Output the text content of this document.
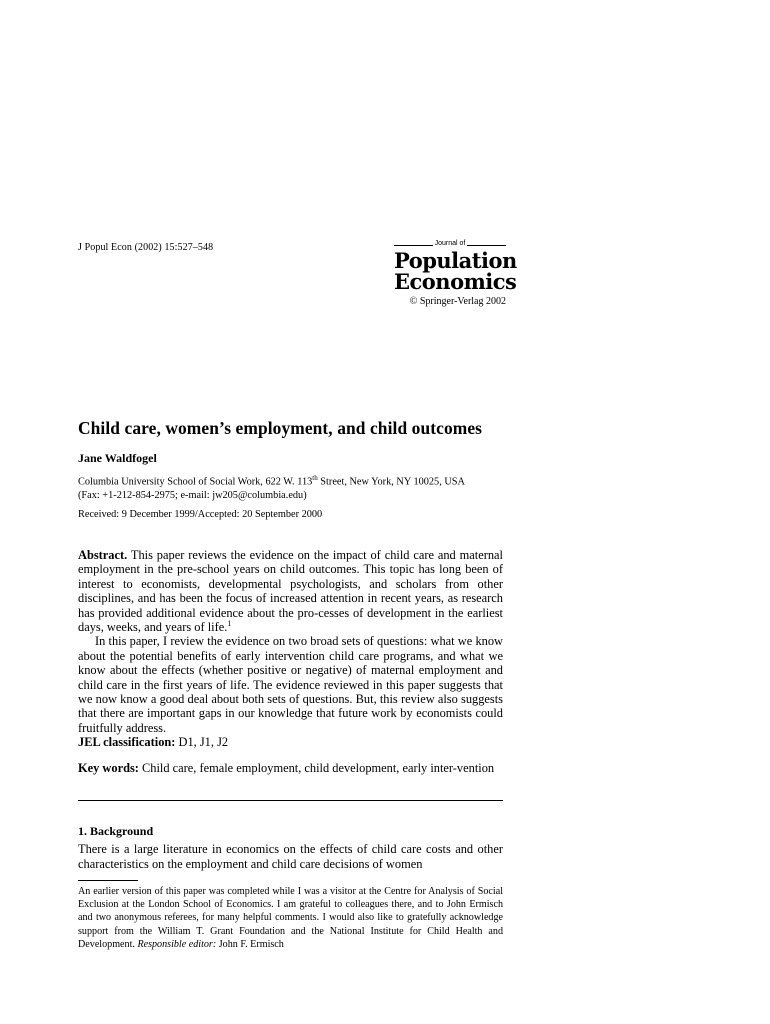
J Popul Econ (2002) 15:527–548	Journal of
Population
Economics
© Springer-Verlag 2002
Child care, women’s employment, and child outcomes
Jane Waldfogel
Columbia University School of Social Work, 622 W. 113th Street, New York, NY 10025, USA
(Fax: +1-212-854-2975; e-mail: jw205@columbia.edu)
Received: 9 December 1999/Accepted: 20 September 2000

Abstract. This paper reviews the evidence on the impact of child care and maternal employment in the pre-school years on child outcomes. This topic has long been of interest to economists, developmental psychologists, and scholars from other disciplines, and has been the focus of increased attention in recent years, as research has provided additional evidence about the pro-cesses of development in the earliest days, weeks, and years of life.$^1$

In this paper, I review the evidence on two broad sets of questions: what we know about the potential benefits of early intervention child care programs, and what we know about the effects (whether positive or negative) of maternal employment and child care in the first years of life. The evidence reviewed in this paper suggests that we now know a good deal about both sets of questions. But, this review also suggests that there are important gaps in our knowledge that future work by economists could fruitfully address.

JEL classification: D1, J1, J2
Key words: Child care, female employment, child development, early inter-vention
1. Background
There is a large literature in economics on the effects of child care costs and other characteristics on the employment and child care decisions of women
An earlier version of this paper was completed while I was a visitor at the Centre for Analysis of Social Exclusion at the London School of Economics. I am grateful to colleagues there, and to John Ermisch and two anonymous referees, for many helpful comments. I would also like to gratefully acknowledge support from the William T. Grant Foundation and the National Institute for Child Health and Development. Responsible editor: John F. Ermisch
